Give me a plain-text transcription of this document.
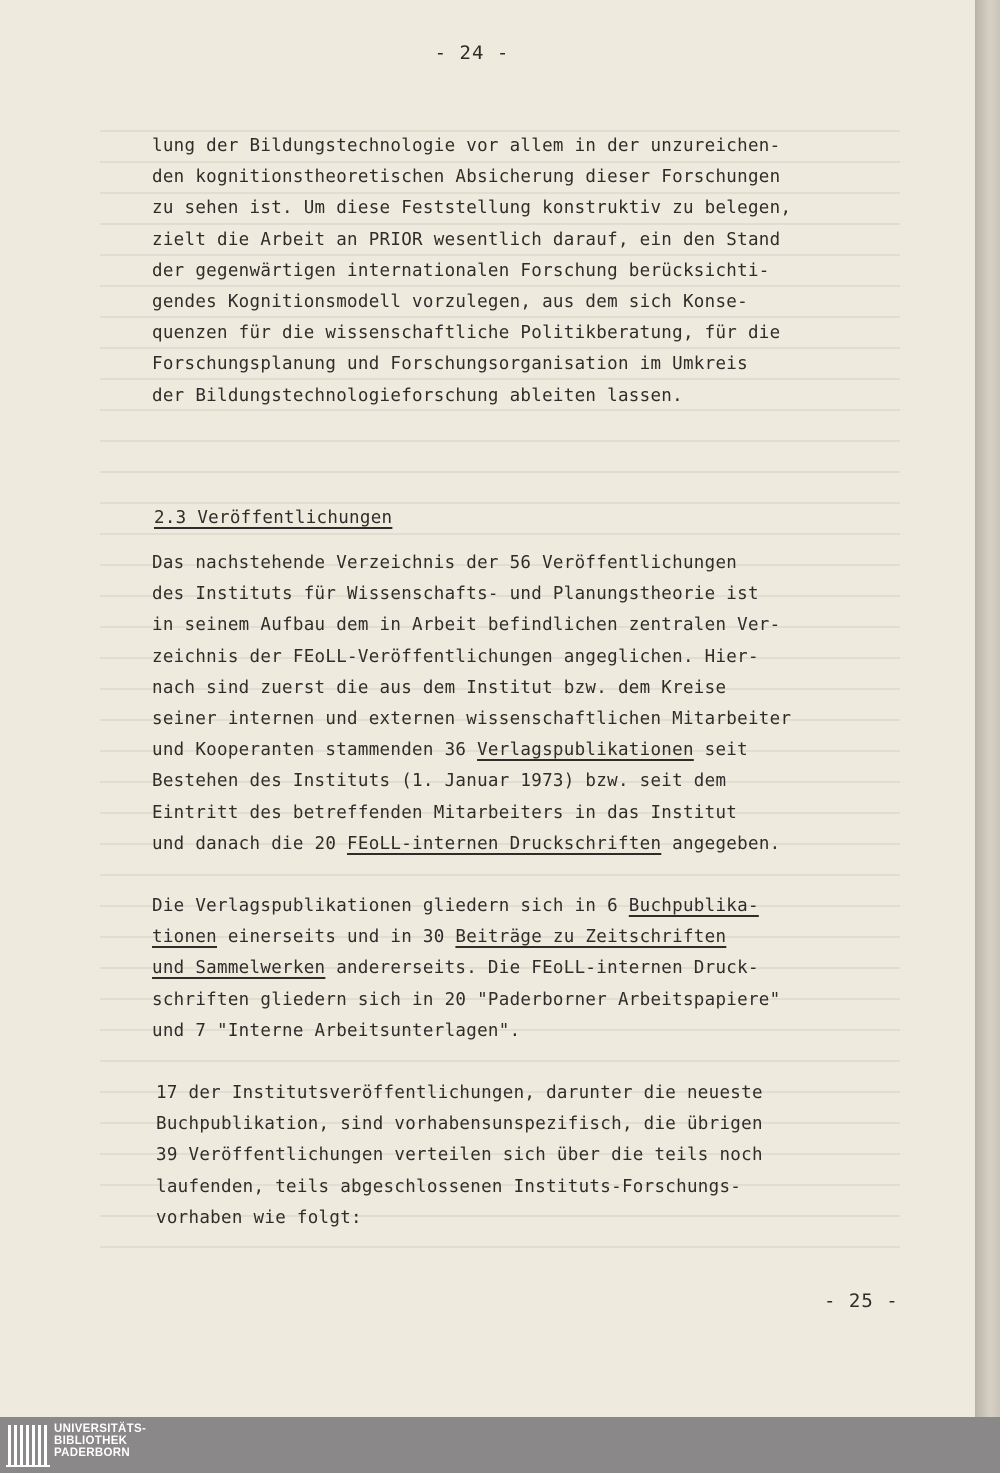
- 24 -
lung der Bildungstechnologie vor allem in der unzureichen-
den kognitionstheoretischen Absicherung dieser Forschungen
zu sehen ist. Um diese Feststellung konstruktiv zu belegen,
zielt die Arbeit an PRIOR wesentlich darauf, ein den Stand
der gegenwärtigen internationalen Forschung berücksichti-
gendes Kognitionsmodell vorzulegen, aus dem sich Konse-
quenzen für die wissenschaftliche Politikberatung, für die
Forschungsplanung und Forschungsorganisation im Umkreis
der Bildungstechnologieforschung ableiten lassen.
2.3 Veröffentlichungen
Das nachstehende Verzeichnis der 56 Veröffentlichungen
des Instituts für Wissenschafts- und Planungstheorie ist
in seinem Aufbau dem in Arbeit befindlichen zentralen Ver-
zeichnis der FEoLL-Veröffentlichungen angeglichen. Hier-
nach sind zuerst die aus dem Institut bzw. dem Kreise
seiner internen und externen wissenschaftlichen Mitarbeiter
und Kooperanten stammenden 36 Verlagspublikationen seit
Bestehen des Instituts (1. Januar 1973) bzw. seit dem
Eintritt des betreffenden Mitarbeiters in das Institut
und danach die 20 FEoLL-internen Druckschriften angegeben.
Die Verlagspublikationen gliedern sich in 6 Buchpublika-
tionen einerseits und in 30 Beiträge zu Zeitschriften
und Sammelwerken andererseits. Die FEoLL-internen Druck-
schriften gliedern sich in 20 "Paderborner Arbeitspapiere"
und 7 "Interne Arbeitsunterlagen".
17 der Institutsveröffentlichungen, darunter die neueste
Buchpublikation, sind vorhabensunspezifisch, die übrigen
39 Veröffentlichungen verteilen sich über die teils noch
laufenden, teils abgeschlossenen Instituts-Forschungs-
vorhaben wie folgt:
- 25 -
UNIVERSITÄTS-
BIBLIOTHEK
PADERBORN
